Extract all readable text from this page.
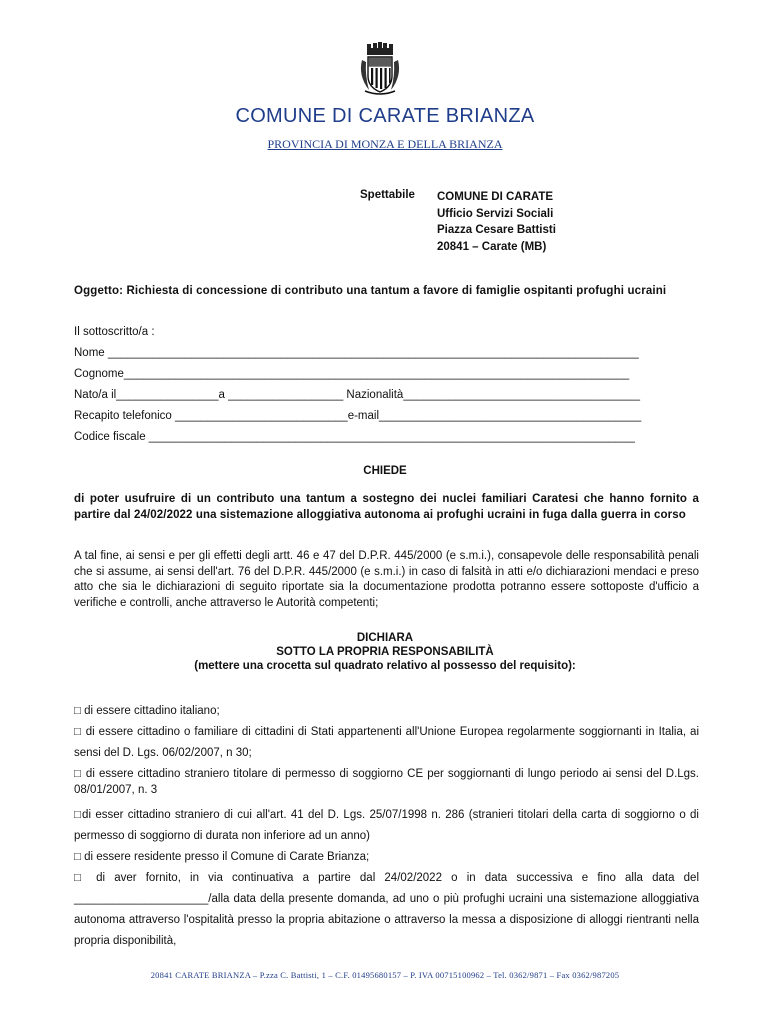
COMUNE DI CARATE BRIANZA
PROVINCIA DI MONZA E DELLA BRIANZA
Spettabile COMUNE DI CARATE
Ufficio Servizi Sociali
Piazza Cesare Battisti
20841 – Carate (MB)
Oggetto: Richiesta di concessione di contributo una tantum a favore di famiglie ospitanti profughi ucraini
Il sottoscritto/a :
Nome ___________________________________________________________________________________
Cognome_______________________________________________________________________________
Nato/a il________________a __________________ Nazionalità_____________________________________
Recapito telefonico ___________________________e-mail_________________________________________
Codice fiscale ____________________________________________________________________________
CHIEDE
di poter usufruire di un contributo una tantum a sostegno dei nuclei familiari Caratesi che hanno fornito a partire dal 24/02/2022 una sistemazione alloggiativa autonoma ai profughi ucraini in fuga dalla guerra in corso
A tal fine, ai sensi e per gli effetti degli artt. 46 e 47 del D.P.R. 445/2000 (e s.m.i.), consapevole delle responsabilità penali che si assume, ai sensi dell'art. 76 del D.P.R. 445/2000 (e s.m.i.) in caso di falsità in atti e/o dichiarazioni mendaci e preso atto che sia le dichiarazioni di seguito riportate sia la documentazione prodotta potranno essere sottoposte d'ufficio a verifiche e controlli, anche attraverso le Autorità competenti;
DICHIARA
SOTTO LA PROPRIA RESPONSABILITÀ
(mettere una crocetta sul quadrato relativo al possesso del requisito):
□ di essere cittadino italiano;
□ di essere cittadino o familiare di cittadini di Stati appartenenti all'Unione Europea regolarmente soggiornanti in Italia, ai sensi del D. Lgs. 06/02/2007, n 30;
□ di essere cittadino straniero titolare di permesso di soggiorno CE per soggiornanti di lungo periodo ai sensi del D.Lgs. 08/01/2007, n. 3
□di esser cittadino straniero di cui all'art. 41 del D. Lgs. 25/07/1998 n. 286 (stranieri titolari della carta di soggiorno o di permesso di soggiorno di durata non inferiore ad un anno)
□ di essere residente presso il Comune di Carate Brianza;
□ di aver fornito, in via continuativa a partire dal 24/02/2022 o in data successiva e fino alla data del _____________________/alla data della presente domanda, ad uno o più profughi ucraini una sistemazione alloggiativa autonoma attraverso l'ospitalità presso la propria abitazione o attraverso la messa a disposizione di alloggi rientranti nella propria disponibilità,
20841 CARATE BRIANZA – P.zza C. Battisti, 1 – C.F. 01495680157 – P. IVA 00715100962 – Tel. 0362/9871 – Fax 0362/987205
